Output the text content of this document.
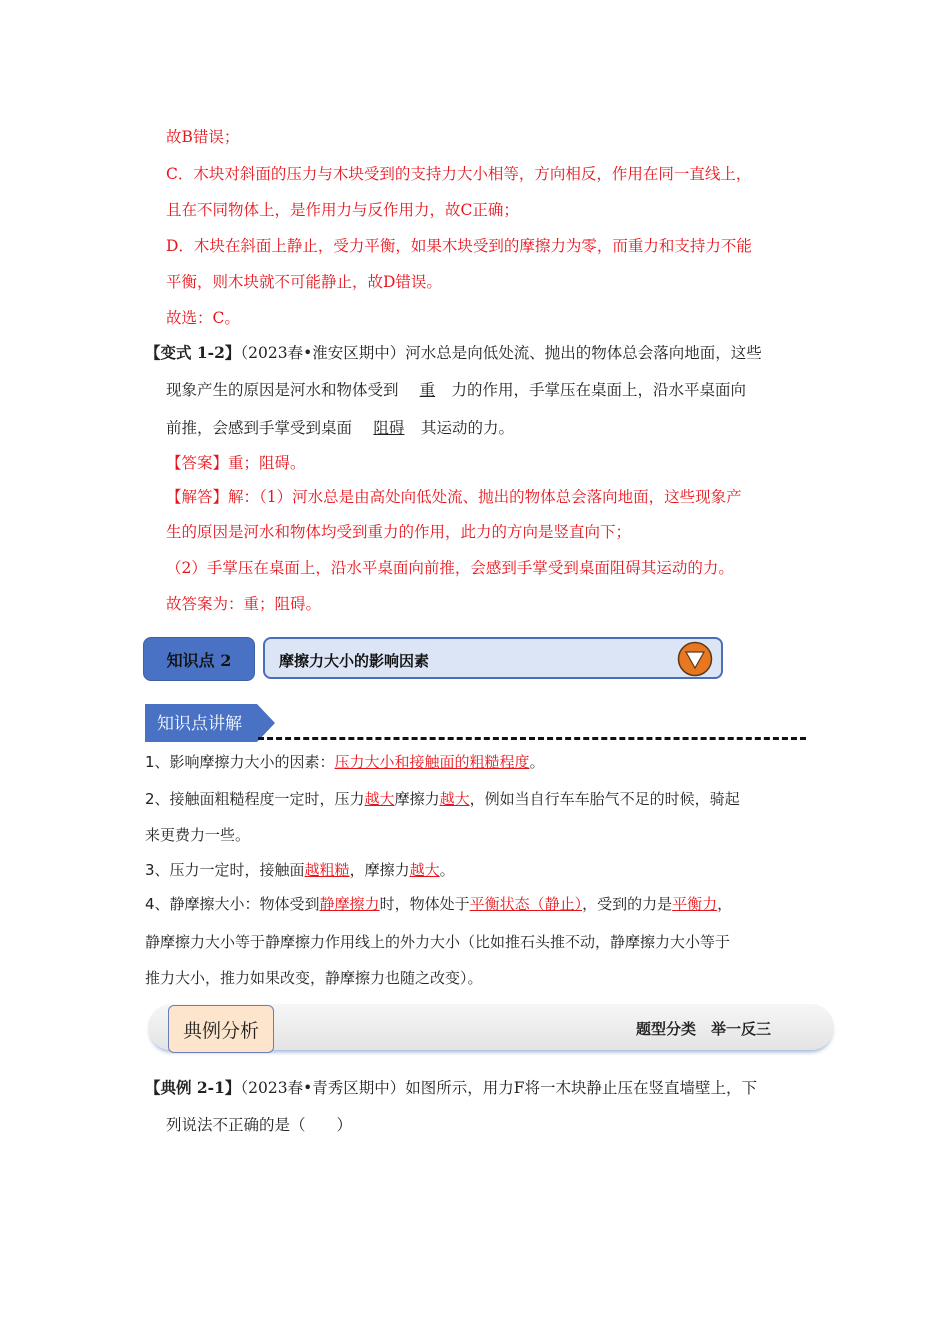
故B错误；
C．木块对斜面的压力与木块受到的支持力大小相等，方向相反，作用在同一直线上，
且在不同物体上，是作用力与反作用力，故C正确；
D．木块在斜面上静止，受力平衡，如果木块受到的摩擦力为零，而重力和支持力不能
平衡，则木块就不可能静止，故D错误。
故选：C。
【变式 1-2】（2023春•淮安区期中）河水总是向低处流、抛出的物体总会落向地面，这些
现象产生的原因是河水和物体受到 重 力的作用，手掌压在桌面上，沿水平桌面向
前推，会感到手掌受到桌面 阻碍 其运动的力。
【答案】重；阻碍。
【解答】解：（1）河水总是由高处向低处流、抛出的物体总会落向地面，这些现象产
生的原因是河水和物体均受到重力的作用，此力的方向是竖直向下；
（2）手掌压在桌面上，沿水平桌面向前推，会感到手掌受到桌面阻碍其运动的力。
故答案为：重；阻碍。
知识点 2	摩擦力大小的影响因素
知识点讲解
1、影响摩擦力大小的因素：压力大小和接触面的粗糙程度。
2、接触面粗糙程度一定时，压力越大摩擦力越大，例如当自行车车胎气不足的时候，骑起
来更费力一些。
3、压力一定时，接触面越粗糙，摩擦力越大。
4、静摩擦大小：物体受到静摩擦力时，物体处于平衡状态（静止），受到的力是平衡力，
静摩擦力大小等于静摩擦力作用线上的外力大小（比如推石头推不动，静摩擦力大小等于
推力大小，推力如果改变，静摩擦力也随之改变）。
典例分析	题型分类　举一反三
【典例 2-1】（2023春•青秀区期中）如图所示，用力F将一木块静止压在竖直墙壁上，下
列说法不正确的是（　　）
